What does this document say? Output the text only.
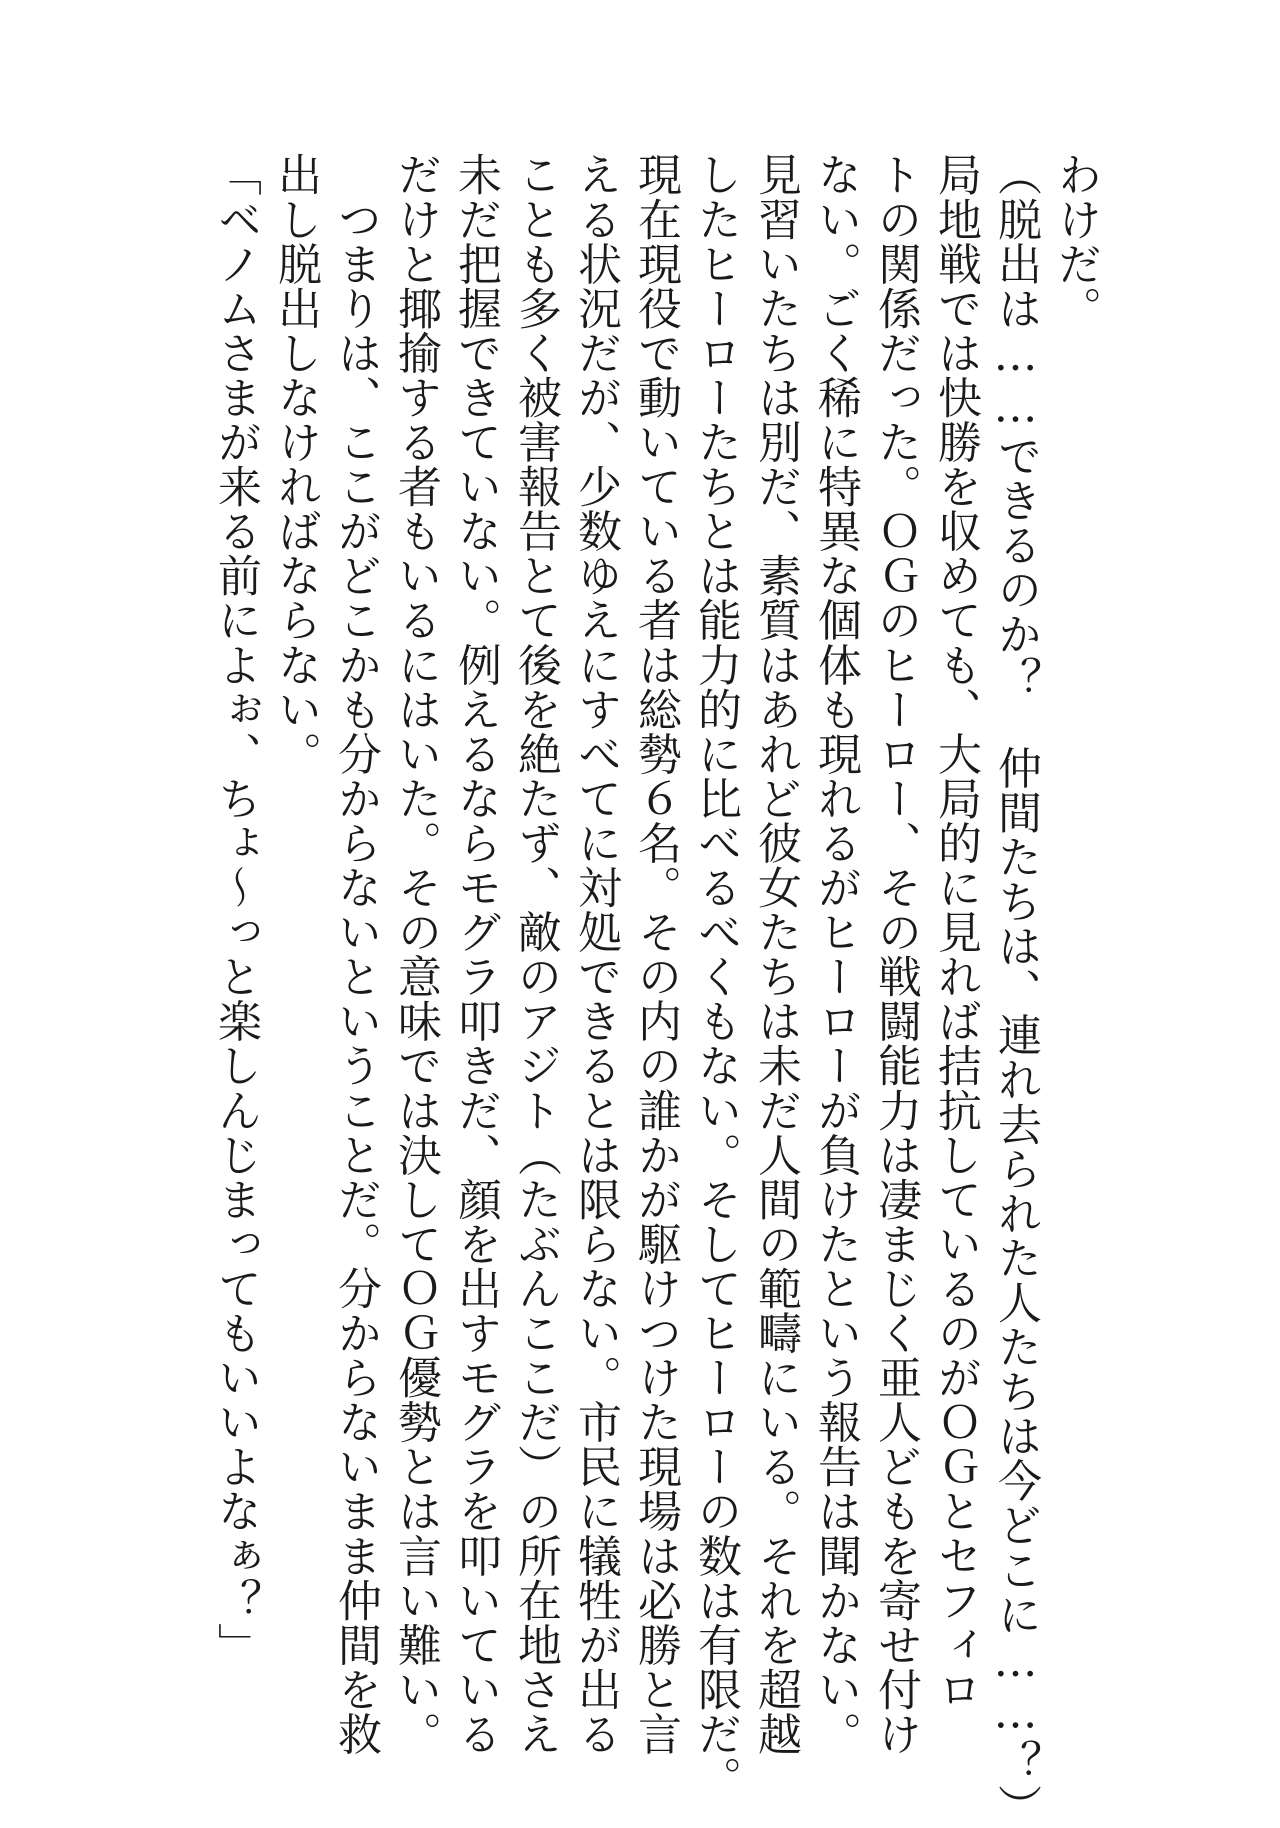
わけだ。
（脱出は……できるのか？　仲間たちは、連れ去られた人たちは今どこに……？）
局地戦では快勝を収めても、大局的に見れば拮抗しているのがＯＧとセフィロ
トの関係だった。ＯＧのヒーロー、その戦闘能力は凄まじく亜人どもを寄せ付け
ない。ごく稀に特異な個体も現れるがヒーローが負けたという報告は聞かない。
見習いたちは別だ、素質はあれど彼女たちは未だ人間の範疇にいる。それを超越
したヒーローたちとは能力的に比べるべくもない。そしてヒーローの数は有限だ。
現在現役で動いている者は総勢６名。その内の誰かが駆けつけた現場は必勝と言
える状況だが、少数ゆえにすべてに対処できるとは限らない。市民に犠牲が出る
ことも多く被害報告とて後を絶たず、敵のアジト（たぶんここだ）の所在地さえ
未だ把握できていない。例えるならモグラ叩きだ、顔を出すモグラを叩いている
だけと揶揄する者もいるにはいた。その意味では決してＯＧ優勢とは言い難い。
　つまりは、ここがどこかも分からないということだ。分からないまま仲間を救
出し脱出しなければならない。
「ベノムさまが来る前によぉ、ちょ〜っと楽しんじまってもいいよなぁ？」
